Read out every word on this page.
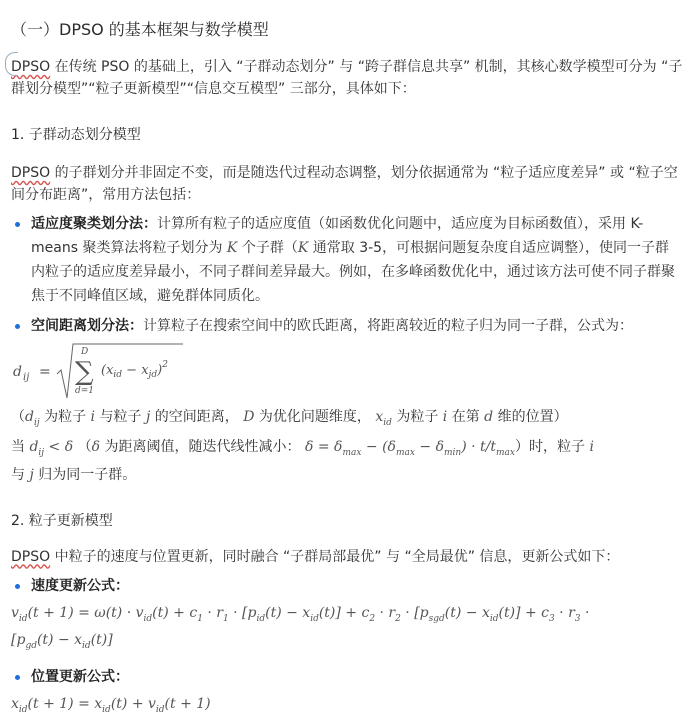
（一）DPSO 的基本框架与数学模型

DPSO 在传统 PSO 的基础上，引入 “子群动态划分” 与 “跨子群信息共享” 机制，其核心数学模型可分为 “子群划分模型”“粒子更新模型”“信息交互模型” 三部分，具体如下：

1. 子群动态划分模型

DPSO 的子群划分并非固定不变，而是随迭代过程动态调整，划分依据通常为 “粒子适应度差异” 或 “粒子空间分布距离”，常用方法包括：

适应度聚类划分法：计算所有粒子的适应度值（如函数优化问题中，适应度为目标函数值），采用 K-means 聚类算法将粒子划分为 K 个子群（K 通常取 3-5，可根据问题复杂度自适应调整），使同一子群内粒子的适应度差异最小，不同子群间差异最大。例如，在多峰函数优化中，通过该方法可使不同子群聚焦于不同峰值区域，避免群体同质化。
空间距离划分法：计算粒子在搜索空间中的欧氏距离，将距离较近的粒子归为同一子群，公式为：
d ij =
D
∑
d=1
$(x_{id} - x_{jd})^2$

（$d_{ij}$ 为粒子 i 与粒子 j 的空间距离， D 为优化问题维度， $x_{id}$ 为粒子 i 在第 d 维的位置）

当 $d_{ij} < \delta$ （δ 为距离阈值，随迭代线性减小： $\delta = \delta_{max} - (\delta_{max} - \delta_{min}) \cdot t/t_{max}$）时，粒子 i
与 j 归为同一子群。

2. 粒子更新模型

DPSO 中粒子的速度与位置更新，同时融合 “子群局部最优” 与 “全局最优” 信息，更新公式如下：

速度更新公式：
$v_{id}(t + 1) = \omega(t) \cdot v_{id}(t) + c_1 \cdot r_1 \cdot [p_{id}(t) - x_{id}(t)] + c_2 \cdot r_2 \cdot [p_{sgd}(t) - x_{id}(t)] + c_3 \cdot r_3$ ·
$[p_{gd}(t) - x_{id}(t)]$
位置更新公式：
$x_{id}(t + 1) = x_{id}(t) + v_{id}(t + 1)$
